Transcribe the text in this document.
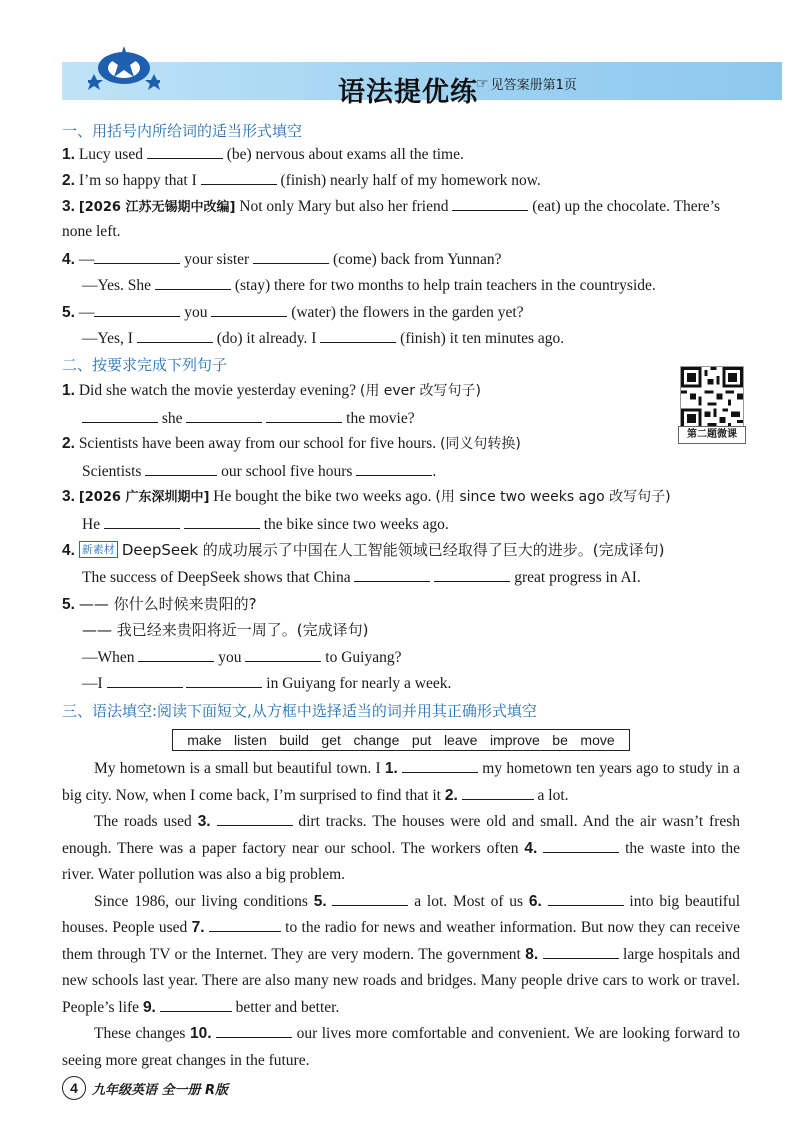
语法提优练
☞ 见答案册第1页
一、用括号内所给词的适当形式填空
1. Lucy used	(be) nervous about exams all the time.
2. I’m so happy that I	(finish) nearly half of my homework now.
3. [2026 江苏无锡期中改编] Not only Mary but also her friend	(eat) up the chocolate. There’s
none left.
4. —	your sister	(come) back from Yunnan?
—Yes. She	(stay) there for two months to help train teachers in the countryside.
5. —	you	(water) the flowers in the garden yet?
—Yes, I	(do) it already. I	(finish) it ten minutes ago.
二、按要求完成下列句子
第二题微课
1. Did she watch the movie yesterday evening? (用 ever 改写句子)
she	the movie?
2. Scientists have been away from our school for five hours. (同义句转换)
Scientists	our school five hours	.
3. [2026 广东深圳期中] He bought the bike two weeks ago. (用 since two weeks ago 改写句子)
He	the bike since two weeks ago.
4. 新素材 DeepSeek 的成功展示了中国在人工智能领域已经取得了巨大的进步。(完成译句)
The success of DeepSeek shows that China	great progress in AI.
5. —— 你什么时候来贵阳的?
—— 我已经来贵阳将近一周了。(完成译句)
—When	you	to Guiyang?
—I	in Guiyang for nearly a week.
三、语法填空:阅读下面短文,从方框中选择适当的词并用其正确形式填空
make listen build get change put leave improve be move

My hometown is a small but beautiful town. I 1.	my hometown ten years ago to study in a big city. Now, when I come back, I’m surprised to find that it 2.	a lot.

The roads used 3.	dirt tracks. The houses were old and small. And the air wasn’t fresh enough. There was a paper factory near our school. The workers often 4.	the waste into the river. Water pollution was also a big problem.

Since 1986, our living conditions 5.	a lot. Most of us 6.	into big beautiful houses. People used 7.	to the radio for news and weather information. But now they can receive them through TV or the Internet. They are very modern. The government 8.	large hospitals and new schools last year. There are also many new roads and bridges. Many people drive cars to work or travel. People’s life 9.	better and better.

These changes 10.	our lives more comfortable and convenient. We are looking forward to seeing more great changes in the future.

4	九年级英语 全一册 R版
